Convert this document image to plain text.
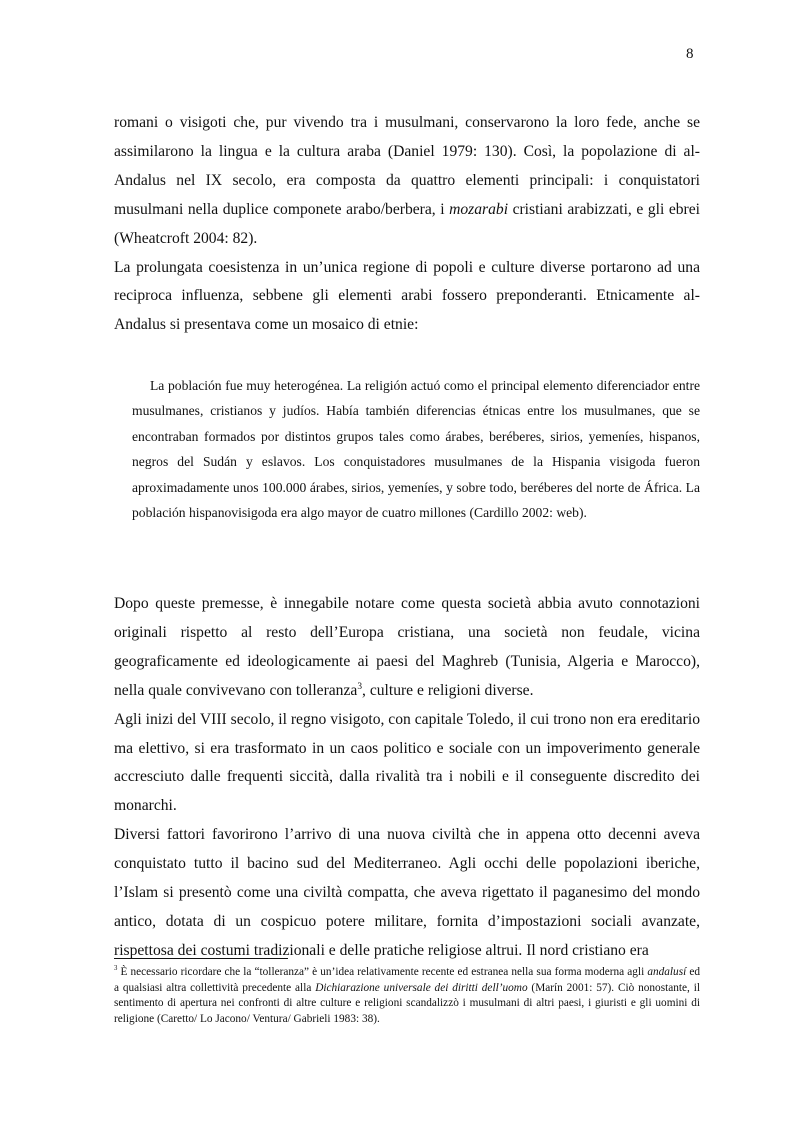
8

romani o visigoti che, pur vivendo tra i musulmani, conservarono la loro fede, anche se assimilarono la lingua e la cultura araba (Daniel 1979: 130). Così, la popolazione di al-Andalus nel IX secolo, era composta da quattro elementi principali: i conquistatori musulmani nella duplice componete arabo/berbera, i mozarabi cristiani arabizzati, e gli ebrei (Wheatcroft 2004: 82).

La prolungata coesistenza in un’unica regione di popoli e culture diverse portarono ad una reciproca influenza, sebbene gli elementi arabi fossero preponderanti. Etnicamente al-Andalus si presentava come un mosaico di etnie:

La población fue muy heterogénea. La religión actuó como el principal elemento diferenciador entre musulmanes, cristianos y judíos. Había también diferencias étnicas entre los musulmanes, que se encontraban formados por distintos grupos tales como árabes, beréberes, sirios, yemeníes, hispanos, negros del Sudán y eslavos. Los conquistadores musulmanes de la Hispania visigoda fueron aproximadamente unos 100.000 árabes, sirios, yemeníes, y sobre todo, beréberes del norte de África. La población hispanovisigoda era algo mayor de cuatro millones (Cardillo 2002: web).

Dopo queste premesse, è innegabile notare come questa società abbia avuto connotazioni originali rispetto al resto dell’Europa cristiana, una società non feudale, vicina geograficamente ed ideologicamente ai paesi del Maghreb (Tunisia, Algeria e Marocco), nella quale convivevano con tolleranza$^3$, culture e religioni diverse.

Agli inizi del VIII secolo, il regno visigoto, con capitale Toledo, il cui trono non era ereditario ma elettivo, si era trasformato in un caos politico e sociale con un impoverimento generale accresciuto dalle frequenti siccità, dalla rivalità tra i nobili e il conseguente discredito dei monarchi.

Diversi fattori favorirono l’arrivo di una nuova civiltà che in appena otto decenni aveva conquistato tutto il bacino sud del Mediterraneo. Agli occhi delle popolazioni iberiche, l’Islam si presentò come una civiltà compatta, che aveva rigettato il paganesimo del mondo antico, dotata di un cospicuo potere militare, fornita d’impostazioni sociali avanzate, rispettosa dei costumi tradizionali e delle pratiche religiose altrui. Il nord cristiano era

$^3$ È necessario ricordare che la “tolleranza” è un’idea relativamente recente ed estranea nella sua forma moderna agli andalusí ed a qualsiasi altra collettività precedente alla Dichiarazione universale dei diritti dell’uomo (Marín 2001: 57). Ciò nonostante, il sentimento di apertura nei confronti di altre culture e religioni scandalizzò i musulmani di altri paesi, i giuristi e gli uomini di religione (Caretto/ Lo Jacono/ Ventura/ Gabrieli 1983: 38).
